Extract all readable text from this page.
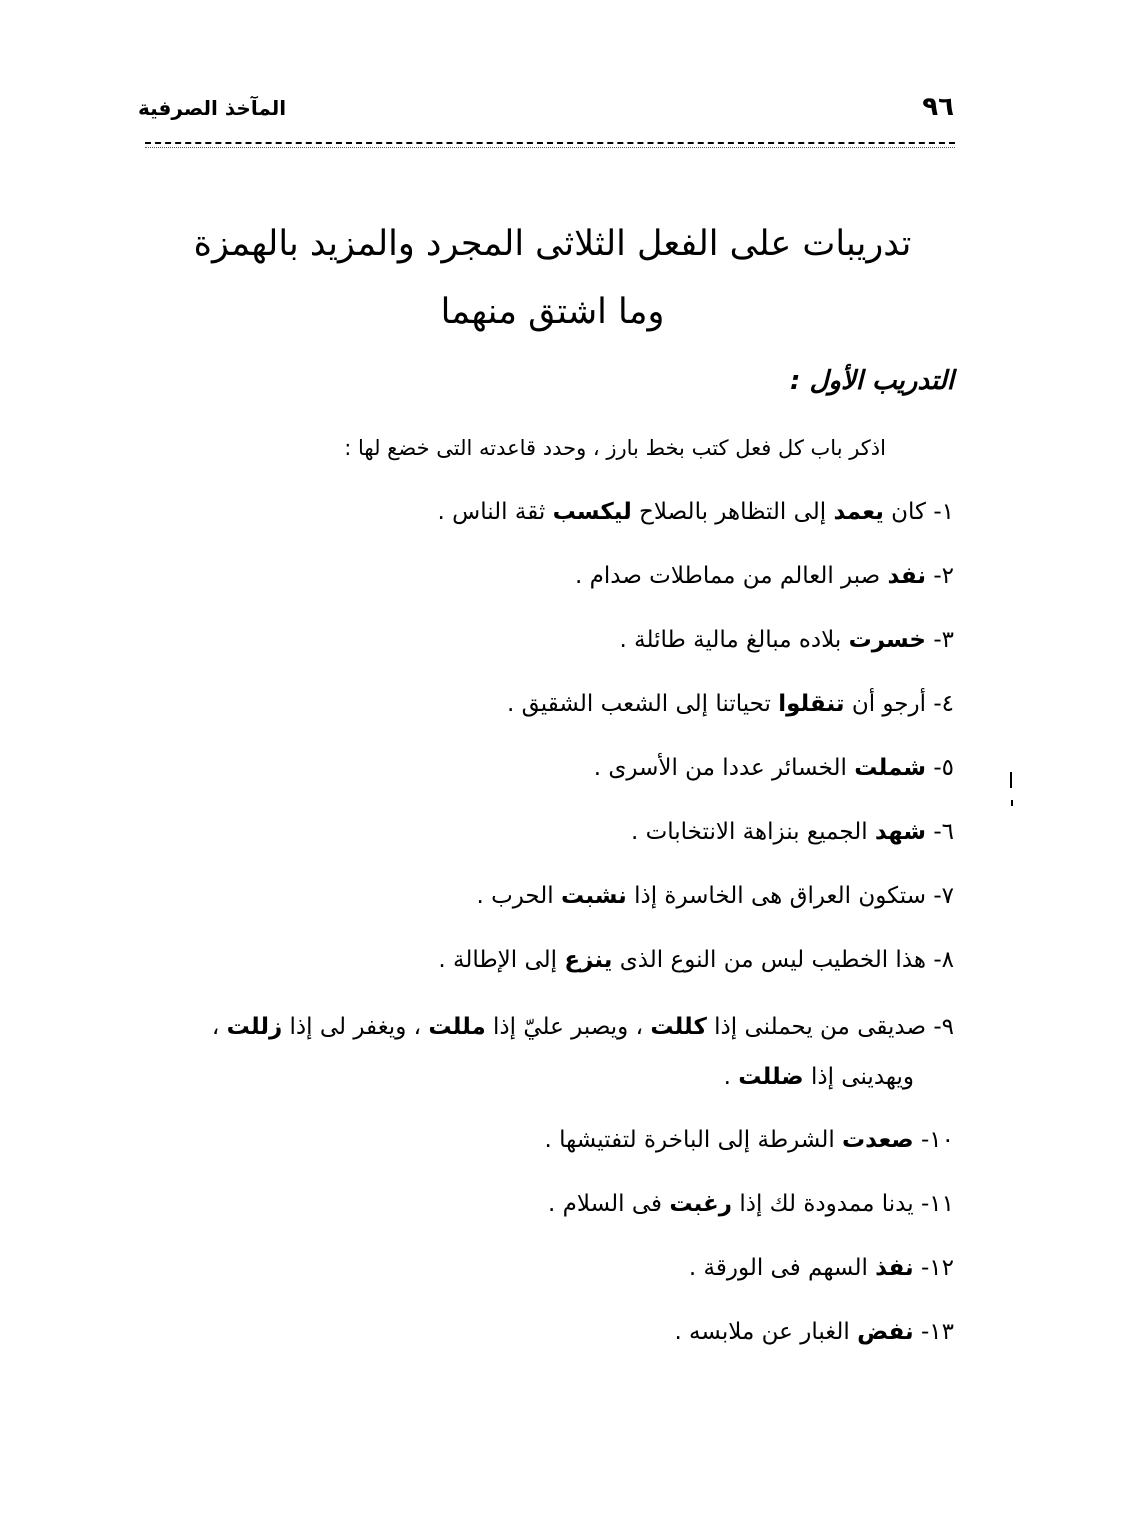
المآخذ الصرفية	٩٦
تدريبات على الفعل الثلاثى المجرد والمزيد بالهمزة
وما اشتق منهما
التدريب الأول :
اذكر باب كل فعل كتب بخط بارز ، وحدد قاعدته التى خضع لها :
١- كان يعمد إلى التظاهر بالصلاح ليكسب ثقة الناس .
٢- نفد صبر العالم من مماطلات صدام .
٣- خسرت بلاده مبالغ مالية طائلة .
٤- أرجو أن تنقلوا تحياتنا إلى الشعب الشقيق .
٥- شملت الخسائر عددا من الأسرى .
٦- شهد الجميع بنزاهة الانتخابات .
٧- ستكون العراق هى الخاسرة إذا نشبت الحرب .
٨- هذا الخطيب ليس من النوع الذى ينزع إلى الإطالة .
٩- صديقى من يحملنى إذا كللت ، ويصبر عليّ إذا مللت ، ويغفر لى إذا زللت ،
ويهدينى إذا ضللت .
١٠- صعدت الشرطة إلى الباخرة لتفتيشها .
١١- يدنا ممدودة لك إذا رغبت فى السلام .
١٢- نفذ السهم فى الورقة .
١٣- نفض الغبار عن ملابسه .
